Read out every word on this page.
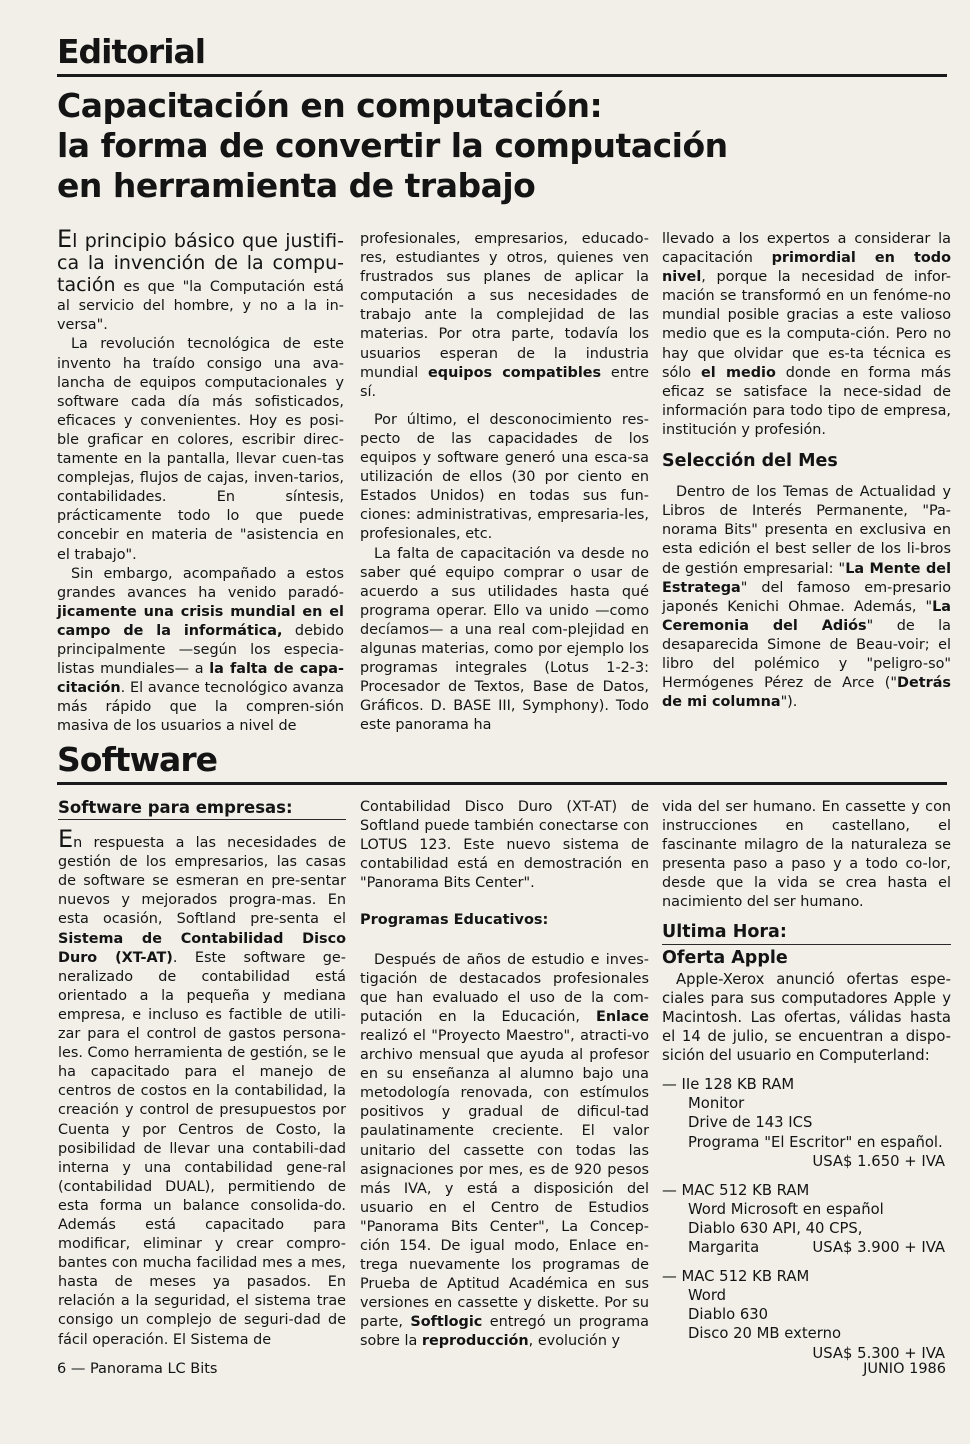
Editorial

Capacitación en computación:

la forma de convertir la computación

en herramienta de trabajo

El principio básico que justifi- ca la invención de la compu- tación es que "la Computación está al servicio del hombre, y no a la in-versa".

La revolución tecnológica de este invento ha traído consigo una ava-lancha de equipos computacionales y software cada día más sofisticados, eficaces y convenientes. Hoy es posi-ble graficar en colores, escribir direc-tamente en la pantalla, llevar cuen-tas complejas, flujos de cajas, inven-tarios, contabilidades. En síntesis, prácticamente todo lo que puede concebir en materia de "asistencia en el trabajo".

Sin embargo, acompañado a estos grandes avances ha venido paradó-jicamente una crisis mundial en el campo de la informática, debido principalmente —según los especia-listas mundiales— a la falta de capa-citación. El avance tecnológico avanza más rápido que la compren-sión masiva de los usuarios a nivel de

profesionales, empresarios, educado-res, estudiantes y otros, quienes ven frustrados sus planes de aplicar la computación a sus necesidades de trabajo ante la complejidad de las materias. Por otra parte, todavía los usuarios esperan de la industria mundial equipos compatibles entre sí.

Por último, el desconocimiento res-pecto de las capacidades de los equipos y software generó una esca-sa utilización de ellos (30 por ciento en Estados Unidos) en todas sus fun-ciones: administrativas, empresaria-les, profesionales, etc.

La falta de capacitación va desde no saber qué equipo comprar o usar de acuerdo a sus utilidades hasta qué programa operar. Ello va unido —como decíamos— a una real com-plejidad en algunas materias, como por ejemplo los programas integrales (Lotus 1-2-3: Procesador de Textos, Base de Datos, Gráficos. D. BASE III, Symphony). Todo este panorama ha

llevado a los expertos a considerar la capacitación primordial en todo nivel, porque la necesidad de infor-mación se transformó en un fenóme-no mundial posible gracias a este valioso medio que es la computa-ción. Pero no hay que olvidar que es-ta técnica es sólo el medio donde en forma más eficaz se satisface la nece-sidad de información para todo tipo de empresa, institución y profesión.

Selección del Mes

Dentro de los Temas de Actualidad y Libros de Interés Permanente, "Pa-norama Bits" presenta en exclusiva en esta edición el best seller de los li-bros de gestión empresarial: "La Mente del Estratega" del famoso em-presario japonés Kenichi Ohmae. Además, "La Ceremonia del Adiós" de la desaparecida Simone de Beau-voir; el libro del polémico y "peligro-so" Hermógenes Pérez de Arce ("Detrás de mi columna").

Software

Software para empresas:

En respuesta a las necesidades de gestión de los empresarios, las casas de software se esmeran en pre-sentar nuevos y mejorados progra-mas. En esta ocasión, Softland pre-senta el Sistema de Contabilidad Disco Duro (XT-AT). Este software ge-neralizado de contabilidad está orientado a la pequeña y mediana empresa, e incluso es factible de utili-zar para el control de gastos persona-les. Como herramienta de gestión, se le ha capacitado para el manejo de centros de costos en la contabilidad, la creación y control de presupuestos por Cuenta y por Centros de Costo, la posibilidad de llevar una contabili-dad interna y una contabilidad gene-ral (contabilidad DUAL), permitiendo de esta forma un balance consolida-do. Además está capacitado para modificar, eliminar y crear compro-bantes con mucha facilidad mes a mes, hasta de meses ya pasados. En relación a la seguridad, el sistema trae consigo un complejo de seguri-dad de fácil operación. El Sistema de

Contabilidad Disco Duro (XT-AT) de Softland puede también conectarse con LOTUS 123. Este nuevo sistema de contabilidad está en demostración en "Panorama Bits Center".

Programas Educativos:

Después de años de estudio e inves-tigación de destacados profesionales que han evaluado el uso de la com-putación en la Educación, Enlace realizó el "Proyecto Maestro", atracti-vo archivo mensual que ayuda al profesor en su enseñanza al alumno bajo una metodología renovada, con estímulos positivos y gradual de dificul-tad paulatinamente creciente. El valor unitario del cassette con todas las asignaciones por mes, es de 920 pesos más IVA, y está a disposición del usuario en el Centro de Estudios "Panorama Bits Center", La Concep-ción 154. De igual modo, Enlace en-trega nuevamente los programas de Prueba de Aptitud Académica en sus versiones en cassette y diskette. Por su parte, Softlogic entregó un programa sobre la reproducción, evolución y

vida del ser humano. En cassette y con instrucciones en castellano, el fascinante milagro de la naturaleza se presenta paso a paso y a todo co-lor, desde que la vida se crea hasta el nacimiento del ser humano.

Ultima Hora:

Oferta Apple

Apple-Xerox anunció ofertas espe-ciales para sus computadores Apple y Macintosh. Las ofertas, válidas hasta el 14 de julio, se encuentran a dispo-sición del usuario en Computerland:

— IIe 128 KB RAM
Monitor
Drive de 143 ICS
Programa "El Escritor" en español.
USA$ 1.650 + IVA
— MAC 512 KB RAM
Word Microsoft en español
Diablo 630 API, 40 CPS,
Margarita	USA$ 3.900 + IVA
— MAC 512 KB RAM
Word
Diablo 630
Disco 20 MB externo
USA$ 5.300 + IVA
6 — Panorama LC Bits	JUNIO 1986
